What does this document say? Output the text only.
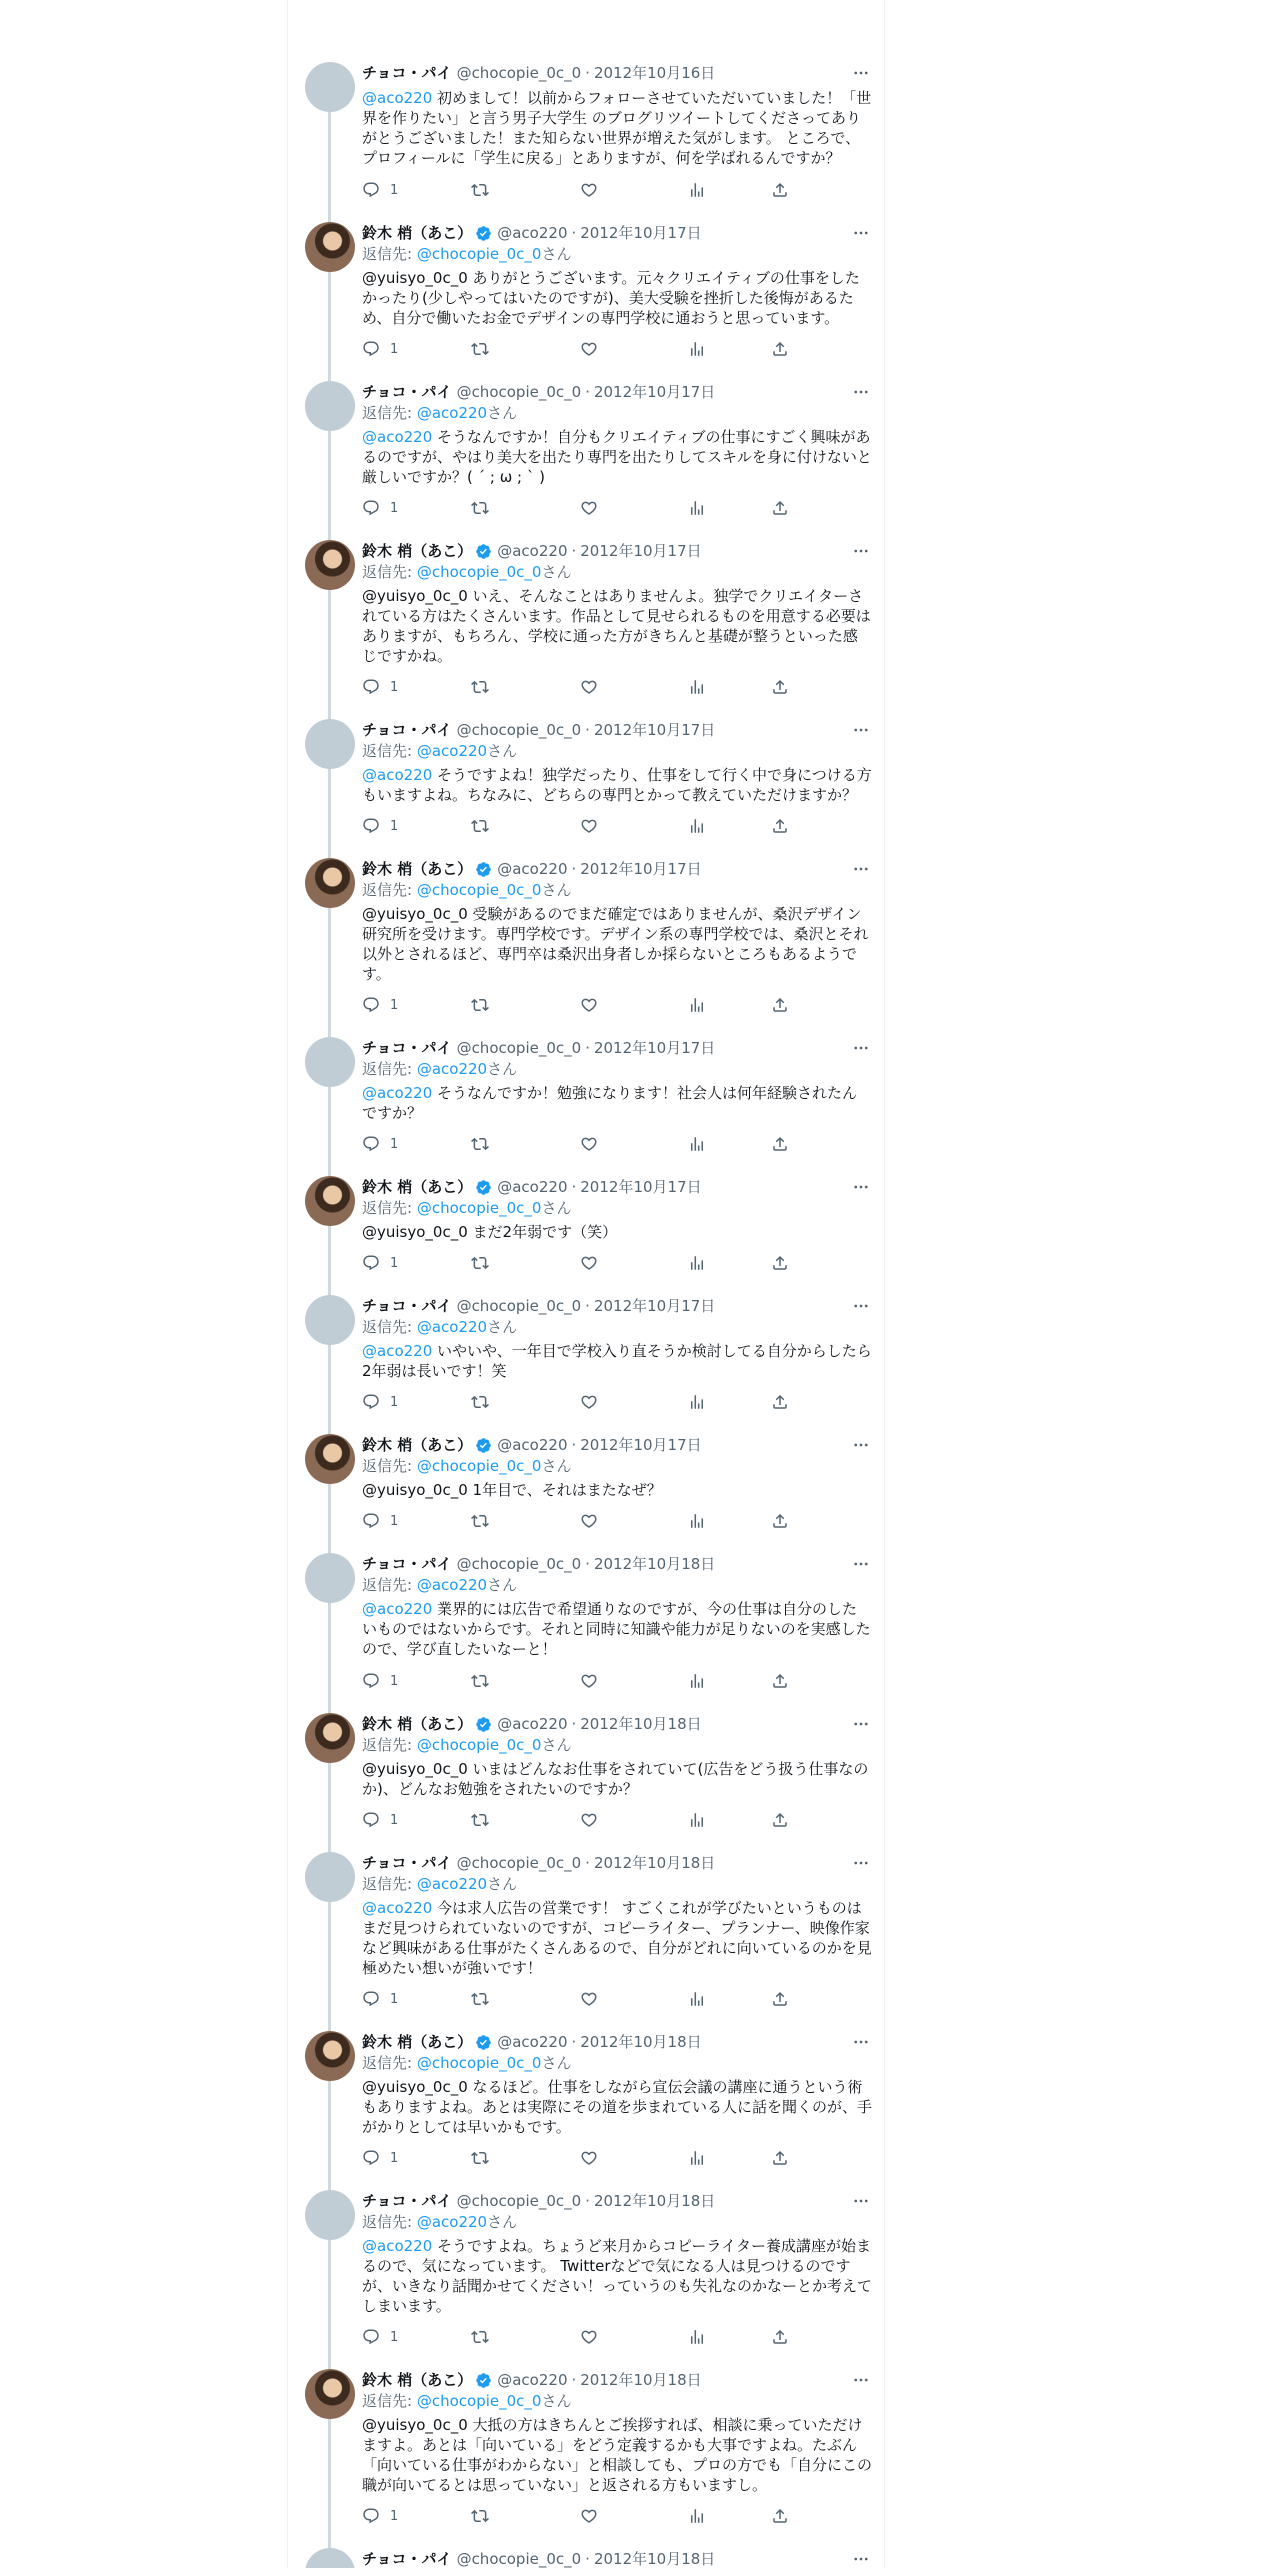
チョコ・パイ @chocopie_0c_0 · 2012年10月16日
@aco220 初めまして！以前からフォローさせていただいていました！「世界を作りたい」と言う男子大学生 のブログリツイートしてくださってありがとうございました！また知らない世界が増えた気がします。 ところで、プロフィールに「学生に戻る」とありますが、何を学ばれるんですか？
1
鈴木 梢（あこ） @aco220 · 2012年10月17日
返信先: @chocopie_0c_0さん
@yuisyo_0c_0 ありがとうございます。元々クリエイティブの仕事をしたかったり(少しやってはいたのですが)、美大受験を挫折した後悔があるため、自分で働いたお金でデザインの専門学校に通おうと思っています。
1
チョコ・パイ @chocopie_0c_0 · 2012年10月17日
返信先: @aco220さん
@aco220 そうなんですか！自分もクリエイティブの仕事にすごく興味があるのですが、やはり美大を出たり専門を出たりしてスキルを身に付けないと厳しいですか？( ´ ; ω ; ` )
1
鈴木 梢（あこ） @aco220 · 2012年10月17日
返信先: @chocopie_0c_0さん
@yuisyo_0c_0 いえ、そんなことはありませんよ。独学でクリエイターされている方はたくさんいます。作品として見せられるものを用意する必要はありますが、もちろん、学校に通った方がきちんと基礎が整うといった感じですかね。
1
チョコ・パイ @chocopie_0c_0 · 2012年10月17日
返信先: @aco220さん
@aco220 そうですよね！独学だったり、仕事をして行く中で身につける方もいますよね。ちなみに、どちらの専門とかって教えていただけますか？
1
鈴木 梢（あこ） @aco220 · 2012年10月17日
返信先: @chocopie_0c_0さん
@yuisyo_0c_0 受験があるのでまだ確定ではありませんが、桑沢デザイン研究所を受けます。専門学校です。デザイン系の専門学校では、桑沢とそれ以外とされるほど、専門卒は桑沢出身者しか採らないところもあるようです。
1
チョコ・パイ @chocopie_0c_0 · 2012年10月17日
返信先: @aco220さん
@aco220 そうなんですか！勉強になります！社会人は何年経験されたんですか？
1
鈴木 梢（あこ） @aco220 · 2012年10月17日
返信先: @chocopie_0c_0さん
@yuisyo_0c_0 まだ2年弱です（笑）
1
チョコ・パイ @chocopie_0c_0 · 2012年10月17日
返信先: @aco220さん
@aco220 いやいや、一年目で学校入り直そうか検討してる自分からしたら2年弱は長いです！笑
1
鈴木 梢（あこ） @aco220 · 2012年10月17日
返信先: @chocopie_0c_0さん
@yuisyo_0c_0 1年目で、それはまたなぜ？
1
チョコ・パイ @chocopie_0c_0 · 2012年10月18日
返信先: @aco220さん
@aco220 業界的には広告で希望通りなのですが、今の仕事は自分のしたいものではないからです。それと同時に知識や能力が足りないのを実感したので、学び直したいなーと！
1
鈴木 梢（あこ） @aco220 · 2012年10月18日
返信先: @chocopie_0c_0さん
@yuisyo_0c_0 いまはどんなお仕事をされていて(広告をどう扱う仕事なのか)、どんなお勉強をされたいのですか？
1
チョコ・パイ @chocopie_0c_0 · 2012年10月18日
返信先: @aco220さん
@aco220 今は求人広告の営業です！ すごくこれが学びたいというものはまだ見つけられていないのですが、コピーライター、プランナー、映像作家など興味がある仕事がたくさんあるので、自分がどれに向いているのかを見極めたい想いが強いです！
1
鈴木 梢（あこ） @aco220 · 2012年10月18日
返信先: @chocopie_0c_0さん
@yuisyo_0c_0 なるほど。仕事をしながら宣伝会議の講座に通うという術もありますよね。あとは実際にその道を歩まれている人に話を聞くのが、手がかりとしては早いかもです。
1
チョコ・パイ @chocopie_0c_0 · 2012年10月18日
返信先: @aco220さん
@aco220 そうですよね。ちょうど来月からコピーライター養成講座が始まるので、気になっています。 Twitterなどで気になる人は見つけるのですが、いきなり話聞かせてください！っていうのも失礼なのかなーとか考えてしまいます。
1
鈴木 梢（あこ） @aco220 · 2012年10月18日
返信先: @chocopie_0c_0さん
@yuisyo_0c_0 大抵の方はきちんとご挨拶すれば、相談に乗っていただけますよ。あとは「向いている」をどう定義するかも大事ですよね。たぶん「向いている仕事がわからない」と相談しても、プロの方でも「自分にこの職が向いてるとは思っていない」と返される方もいますし。
1
チョコ・パイ @chocopie_0c_0 · 2012年10月18日
